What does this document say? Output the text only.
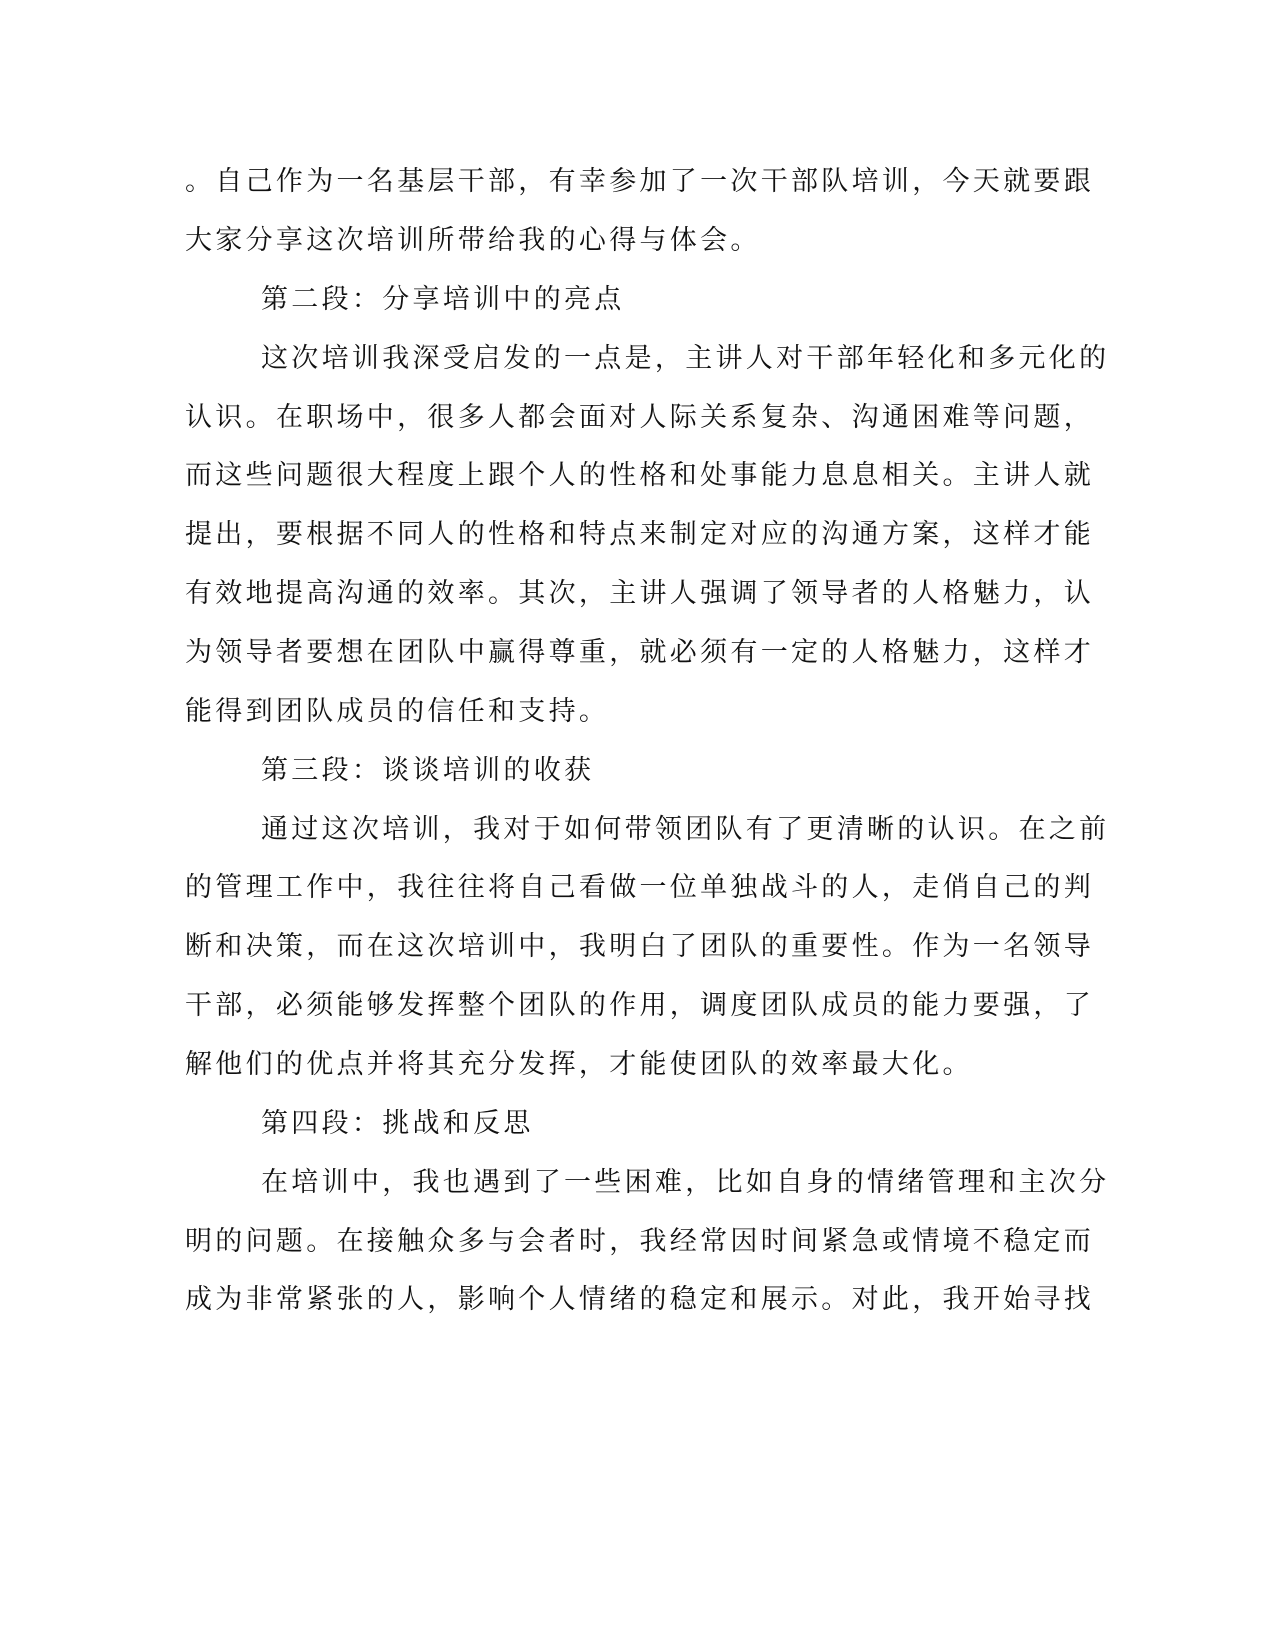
。自己作为一名基层干部，有幸参加了一次干部队培训，今天就要跟

大家分享这次培训所带给我的心得与体会。

第二段：分享培训中的亮点

这次培训我深受启发的一点是，主讲人对干部年轻化和多元化的

认识。在职场中，很多人都会面对人际关系复杂、沟通困难等问题，

而这些问题很大程度上跟个人的性格和处事能力息息相关。主讲人就

提出，要根据不同人的性格和特点来制定对应的沟通方案，这样才能

有效地提高沟通的效率。其次，主讲人强调了领导者的人格魅力，认

为领导者要想在团队中赢得尊重，就必须有一定的人格魅力，这样才

能得到团队成员的信任和支持。

第三段：谈谈培训的收获

通过这次培训，我对于如何带领团队有了更清晰的认识。在之前

的管理工作中，我往往将自己看做一位单独战斗的人，走俏自己的判

断和决策，而在这次培训中，我明白了团队的重要性。作为一名领导

干部，必须能够发挥整个团队的作用，调度团队成员的能力要强，了

解他们的优点并将其充分发挥，才能使团队的效率最大化。

第四段：挑战和反思

在培训中，我也遇到了一些困难，比如自身的情绪管理和主次分

明的问题。在接触众多与会者时，我经常因时间紧急或情境不稳定而

成为非常紧张的人，影响个人情绪的稳定和展示。对此，我开始寻找
